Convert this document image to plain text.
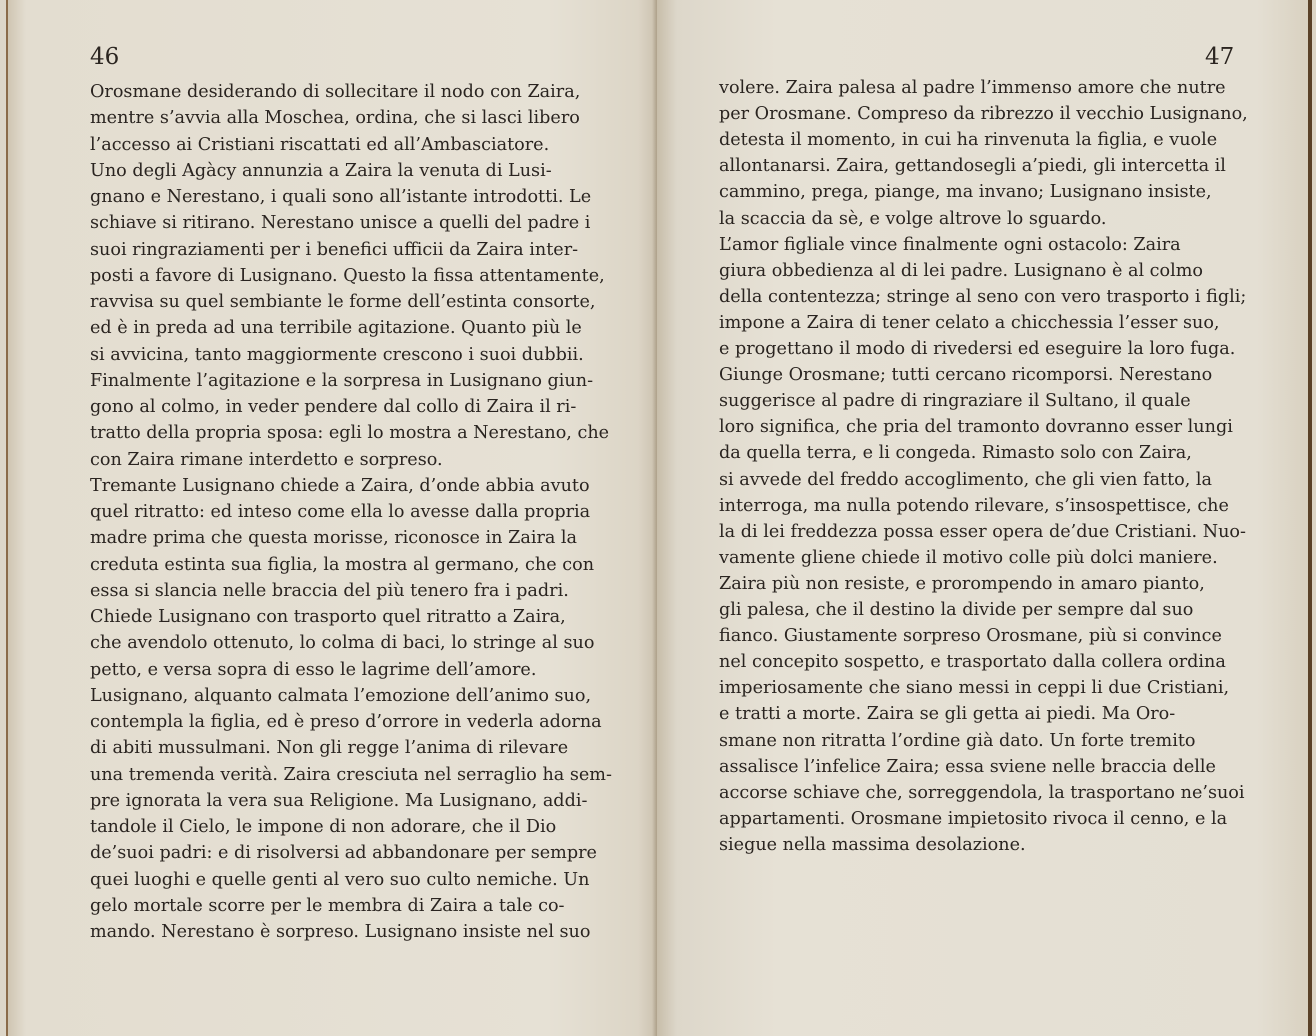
46
Orosmane desiderando di sollecitare il nodo con Zaira,
mentre s’avvia alla Moschea, ordina, che si lasci libero
l’accesso ai Cristiani riscattati ed all’Ambasciatore.
Uno degli Agàcy annunzia a Zaira la venuta di Lusi-
gnano e Nerestano, i quali sono all’istante introdotti. Le
schiave si ritirano. Nerestano unisce a quelli del padre i
suoi ringraziamenti per i benefici ufficii da Zaira inter-
posti a favore di Lusignano. Questo la fissa attentamente,
ravvisa su quel sembiante le forme dell’estinta consorte,
ed è in preda ad una terribile agitazione. Quanto più le
si avvicina, tanto maggiormente crescono i suoi dubbii.
Finalmente l’agitazione e la sorpresa in Lusignano giun-
gono al colmo, in veder pendere dal collo di Zaira il ri-
tratto della propria sposa: egli lo mostra a Nerestano, che
con Zaira rimane interdetto e sorpreso.
Tremante Lusignano chiede a Zaira, d’onde abbia avuto
quel ritratto: ed inteso come ella lo avesse dalla propria
madre prima che questa morisse, riconosce in Zaira la
creduta estinta sua figlia, la mostra al germano, che con
essa si slancia nelle braccia del più tenero fra i padri.
Chiede Lusignano con trasporto quel ritratto a Zaira,
che avendolo ottenuto, lo colma di baci, lo stringe al suo
petto, e versa sopra di esso le lagrime dell’amore.
Lusignano, alquanto calmata l’emozione dell’animo suo,
contempla la figlia, ed è preso d’orrore in vederla adorna
di abiti mussulmani. Non gli regge l’anima di rilevare
una tremenda verità. Zaira cresciuta nel serraglio ha sem-
pre ignorata la vera sua Religione. Ma Lusignano, addi-
tandole il Cielo, le impone di non adorare, che il Dio
de’suoi padri: e di risolversi ad abbandonare per sempre
quei luoghi e quelle genti al vero suo culto nemiche. Un
gelo mortale scorre per le membra di Zaira a tale co-
mando. Nerestano è sorpreso. Lusignano insiste nel suo
47
volere. Zaira palesa al padre l’immenso amore che nutre
per Orosmane. Compreso da ribrezzo il vecchio Lusignano,
detesta il momento, in cui ha rinvenuta la figlia, e vuole
allontanarsi. Zaira, gettandosegli a’piedi, gli intercetta il
cammino, prega, piange, ma invano; Lusignano insiste,
la scaccia da sè, e volge altrove lo sguardo.
L’amor figliale vince finalmente ogni ostacolo: Zaira
giura obbedienza al di lei padre. Lusignano è al colmo
della contentezza; stringe al seno con vero trasporto i figli;
impone a Zaira di tener celato a chicchessia l’esser suo,
e progettano il modo di rivedersi ed eseguire la loro fuga.
Giunge Orosmane; tutti cercano ricomporsi. Nerestano
suggerisce al padre di ringraziare il Sultano, il quale
loro significa, che pria del tramonto dovranno esser lungi
da quella terra, e li congeda. Rimasto solo con Zaira,
si avvede del freddo accoglimento, che gli vien fatto, la
interroga, ma nulla potendo rilevare, s’insospettisce, che
la di lei freddezza possa esser opera de’due Cristiani. Nuo-
vamente gliene chiede il motivo colle più dolci maniere.
Zaira più non resiste, e prorompendo in amaro pianto,
gli palesa, che il destino la divide per sempre dal suo
fianco. Giustamente sorpreso Orosmane, più si convince
nel concepito sospetto, e trasportato dalla collera ordina
imperiosamente che siano messi in ceppi li due Cristiani,
e tratti a morte. Zaira se gli getta ai piedi. Ma Oro-
smane non ritratta l’ordine già dato. Un forte tremito
assalisce l’infelice Zaira; essa sviene nelle braccia delle
accorse schiave che, sorreggendola, la trasportano ne’suoi
appartamenti. Orosmane impietosito rivoca il cenno, e la
siegue nella massima desolazione.
